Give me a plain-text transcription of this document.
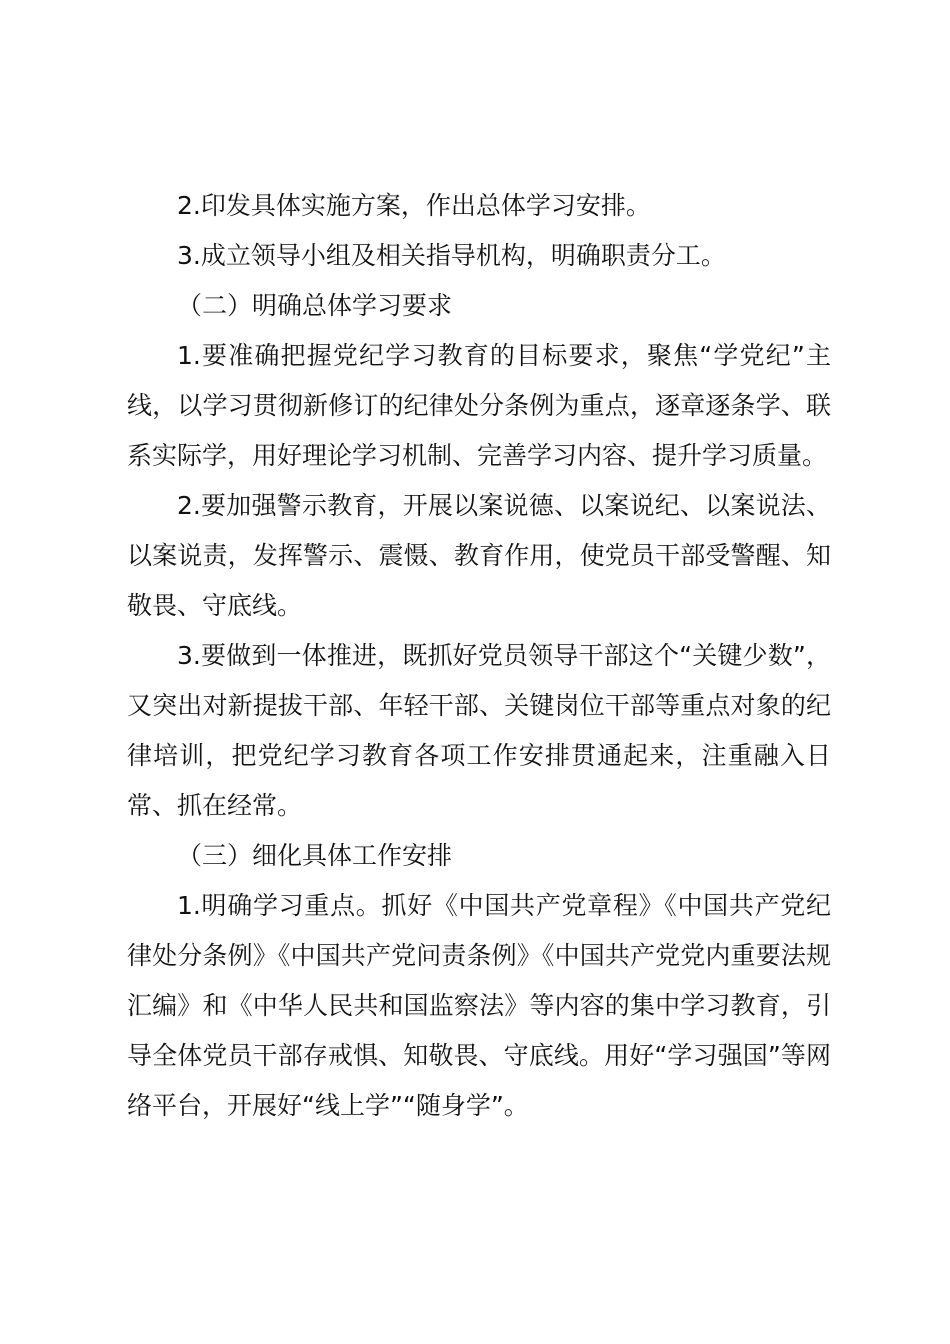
2.印发具体实施方案，作出总体学习安排。

3.成立领导小组及相关指导机构，明确职责分工。

（二）明确总体学习要求

1.要准确把握党纪学习教育的目标要求，聚焦“学党纪”主线，以学习贯彻新修订的纪律处分条例为重点，逐章逐条学、联系实际学，用好理论学习机制、完善学习内容、提升学习质量。

2.要加强警示教育，开展以案说德、以案说纪、以案说法、以案说责，发挥警示、震慑、教育作用，使党员干部受警醒、知敬畏、守底线。

3.要做到一体推进，既抓好党员领导干部这个“关键少数”，又突出对新提拔干部、年轻干部、关键岗位干部等重点对象的纪律培训，把党纪学习教育各项工作安排贯通起来，注重融入日常、抓在经常。

（三）细化具体工作安排

1.明确学习重点。抓好《中国共产党章程》《中国共产党纪律处分条例》《中国共产党问责条例》《中国共产党党内重要法规汇编》和《中华人民共和国监察法》等内容的集中学习教育，引导全体党员干部存戒惧、知敬畏、守底线。用好“学习强国”等网络平台，开展好“线上学”“随身学”。
